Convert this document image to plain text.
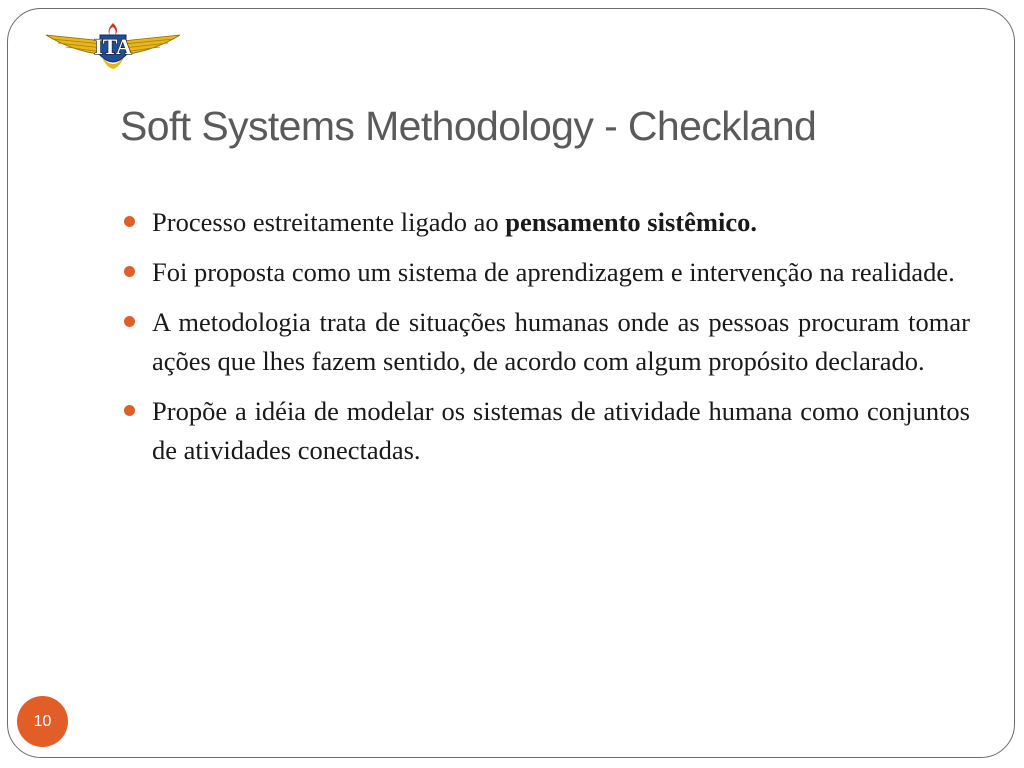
ITA
Soft Systems Methodology - Checkland
Processo estreitamente ligado ao pensamento sistêmico.
Foi proposta como um sistema de aprendizagem e intervenção na realidade.
A metodologia trata de situações humanas onde as pessoas procuram tomar ações que lhes fazem sentido, de acordo com algum propósito declarado.
Propõe a idéia de modelar os sistemas de atividade humana como conjuntos de atividades conectadas.
10
